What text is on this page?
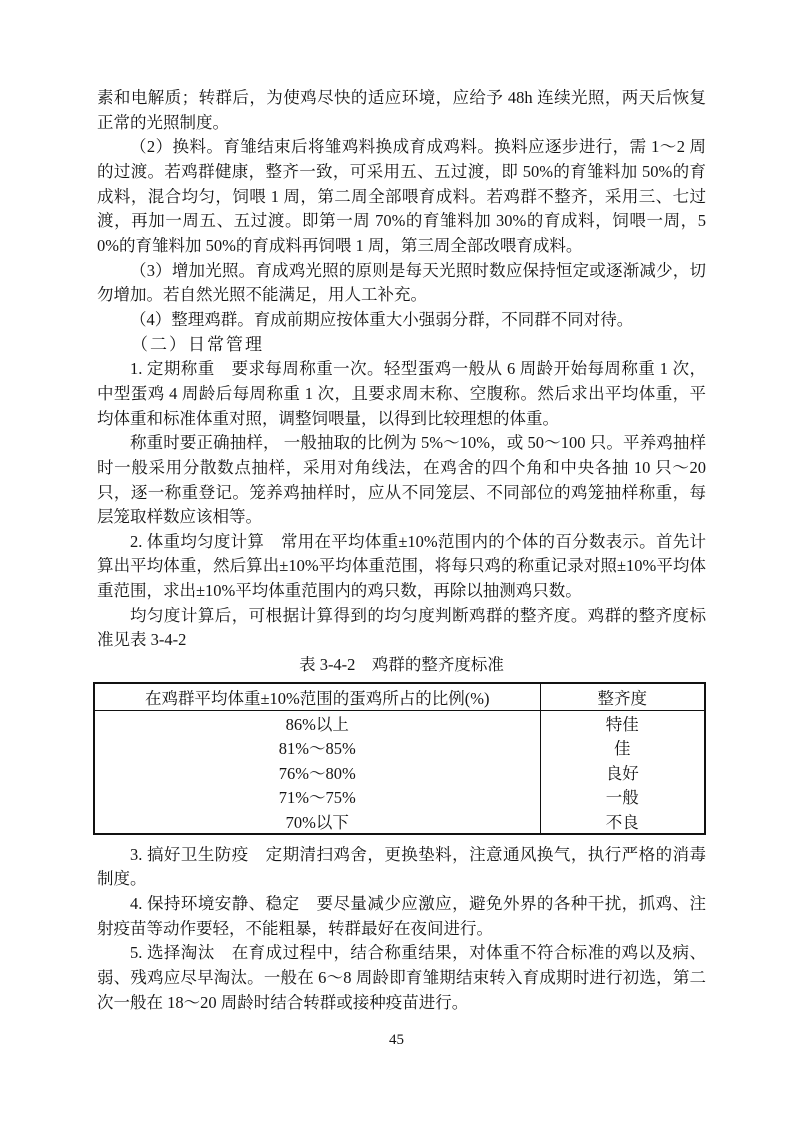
素和电解质；转群后，为使鸡尽快的适应环境，应给予 48h 连续光照，两天后恢复正常的光照制度。

（2）换料。育雏结束后将雏鸡料换成育成鸡料。换料应逐步进行，需 1～2 周的过渡。若鸡群健康，整齐一致，可采用五、五过渡，即 50%的育雏料加 50%的育成料，混合均匀，饲喂 1 周，第二周全部喂育成料。若鸡群不整齐，采用三、七过渡，再加一周五、五过渡。即第一周 70%的育雏料加 30%的育成料，饲喂一周，50%的育雏料加 50%的育成料再饲喂 1 周，第三周全部改喂育成料。

（3）增加光照。育成鸡光照的原则是每天光照时数应保持恒定或逐渐减少，切勿增加。若自然光照不能满足，用人工补充。

（4）整理鸡群。育成前期应按体重大小强弱分群，不同群不同对待。

（二）日常管理

1. 定期称重　要求每周称重一次。轻型蛋鸡一般从 6 周龄开始每周称重 1 次，中型蛋鸡 4 周龄后每周称重 1 次，且要求周末称、空腹称。然后求出平均体重，平均体重和标准体重对照，调整饲喂量，以得到比较理想的体重。

称重时要正确抽样， 一般抽取的比例为 5%～10%，或 50～100 只。平养鸡抽样时一般采用分散数点抽样，采用对角线法，在鸡舍的四个角和中央各抽 10 只～20 只，逐一称重登记。笼养鸡抽样时，应从不同笼层、不同部位的鸡笼抽样称重，每层笼取样数应该相等。

2. 体重均匀度计算　常用在平均体重±10%范围内的个体的百分数表示。首先计算出平均体重，然后算出±10%平均体重范围，将每只鸡的称重记录对照±10%平均体重范围，求出±10%平均体重范围内的鸡只数，再除以抽测鸡只数。

均匀度计算后，可根据计算得到的均匀度判断鸡群的整齐度。鸡群的整齐度标准见表 3-4-2

表 3-4-2　鸡群的整齐度标准

在鸡群平均体重±10%范围的蛋鸡所占的比例(%)	整齐度
86%以上	特佳
81%～85%	佳
76%～80%	良好
71%～75%	一般
70%以下	不良

3. 搞好卫生防疫　定期清扫鸡舍，更换垫料，注意通风换气，执行严格的消毒制度。

4. 保持环境安静、稳定　要尽量减少应激应，避免外界的各种干扰，抓鸡、注射疫苗等动作要轻，不能粗暴，转群最好在夜间进行。

5. 选择淘汰　在育成过程中，结合称重结果，对体重不符合标准的鸡以及病、弱、残鸡应尽早淘汰。一般在 6～8 周龄即育雏期结束转入育成期时进行初选，第二次一般在 18～20 周龄时结合转群或接种疫苗进行。

45
